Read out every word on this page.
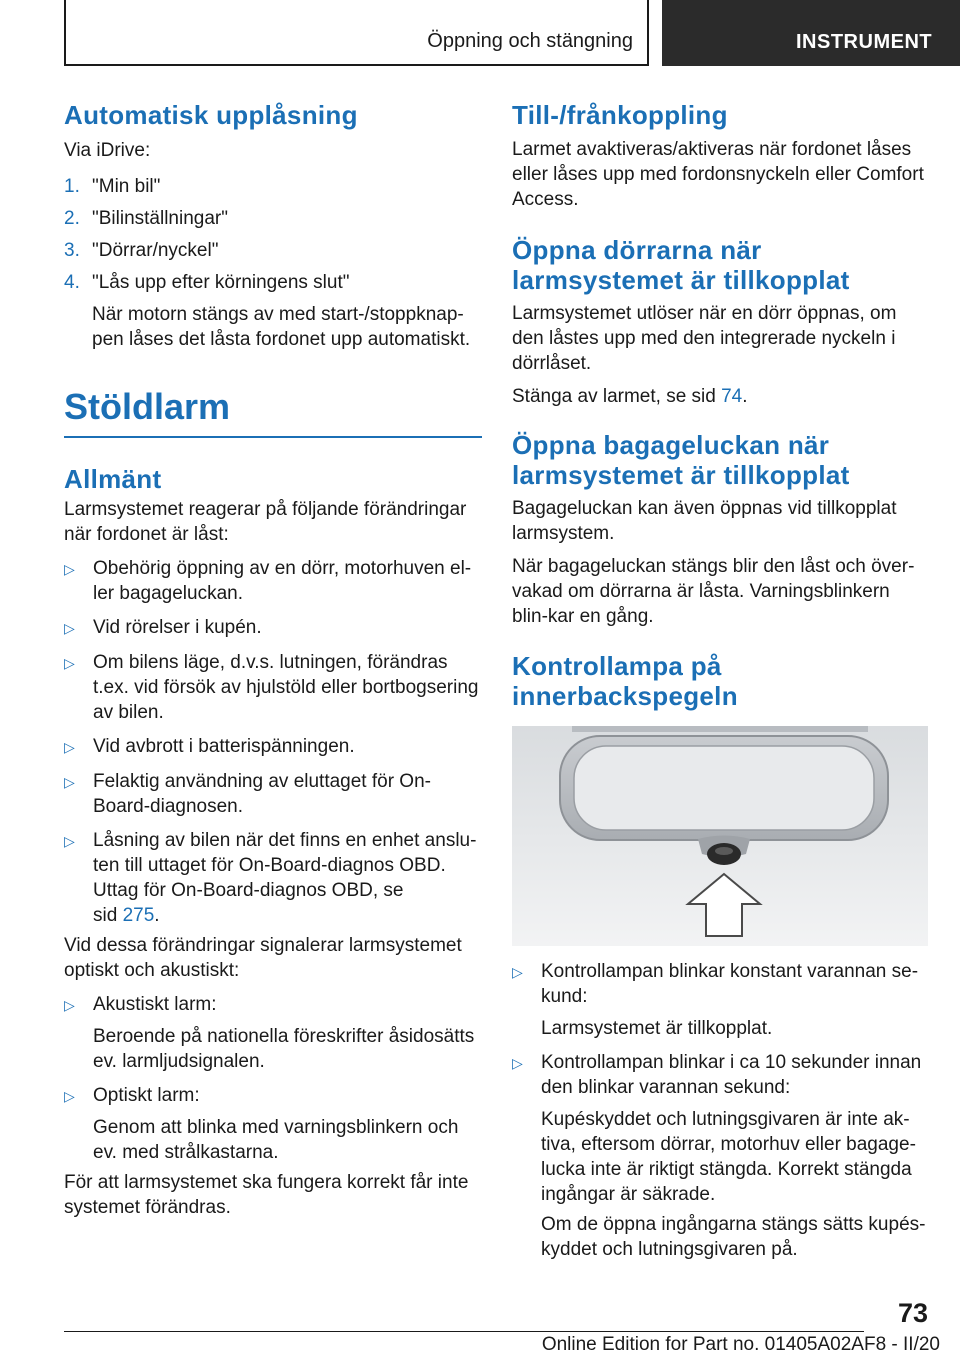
Öppning och stängning	INSTRUMENT
Automatisk upplåsning

Via iDrive:

1. "Min bil"
2. "Bilinställningar"
3. "Dörrar/nyckel"
4. "Lås upp efter körningens slut"
När motorn stängs av med start-/stoppknap-pen låses det låsta fordonet upp automatiskt.
Stöldlarm
Allmänt

Larmsystemet reagerar på följande förändringar när fordonet är låst:

▷ Obehörig öppning av en dörr, motorhuven el-ler bagageluckan.
▷ Vid rörelser i kupén.
▷ Om bilens läge, d.v.s. lutningen, förändras t.ex. vid försök av hjulstöld eller bortbogsering av bilen.
▷ Vid avbrott i batterispänningen.
▷ Felaktig användning av eluttaget för On-Board-diagnosen.
▷ Låsning av bilen när det finns en enhet anslu-ten till uttaget för On-Board-diagnos OBD.
Uttag för On-Board-diagnos OBD, se sid 275.

Vid dessa förändringar signalerar larmsystemet optiskt och akustiskt:

▷ Akustiskt larm:
Beroende på nationella föreskrifter åsidosätts ev. larmljudsignalen.
▷ Optiskt larm:
Genom att blinka med varningsblinkern och ev. med strålkastarna.

För att larmsystemet ska fungera korrekt får inte systemet förändras.

Till-/frånkoppling

Larmet avaktiveras/aktiveras när fordonet låses eller låses upp med fordonsnyckeln eller Comfort Access.

Öppna dörrarna när larmsystemet är tillkopplat

Larmsystemet utlöser när en dörr öppnas, om den låstes upp med den integrerade nyckeln i dörrlåset.

Stänga av larmet, se sid 74.

Öppna bagageluckan när larmsystemet är tillkopplat

Bagageluckan kan även öppnas vid tillkopplat larmsystem.

När bagageluckan stängs blir den låst och över-vakad om dörrarna är låsta. Varningsblinkern blin-kar en gång.

Kontrollampa på innerbackspegeln
▷ Kontrollampan blinkar konstant varannan se-kund:
Larmsystemet är tillkopplat.
▷ Kontrollampan blinkar i ca 10 sekunder innan den blinkar varannan sekund:
Kupéskyddet och lutningsgivaren är inte ak-tiva, eftersom dörrar, motorhuv eller bagage-lucka inte är riktigt stängda. Korrekt stängda ingångar är säkrade.
Om de öppna ingångarna stängs sätts kupés-kyddet och lutningsgivaren på.
73
Online Edition for Part no. 01405A02AF8 - II/20
